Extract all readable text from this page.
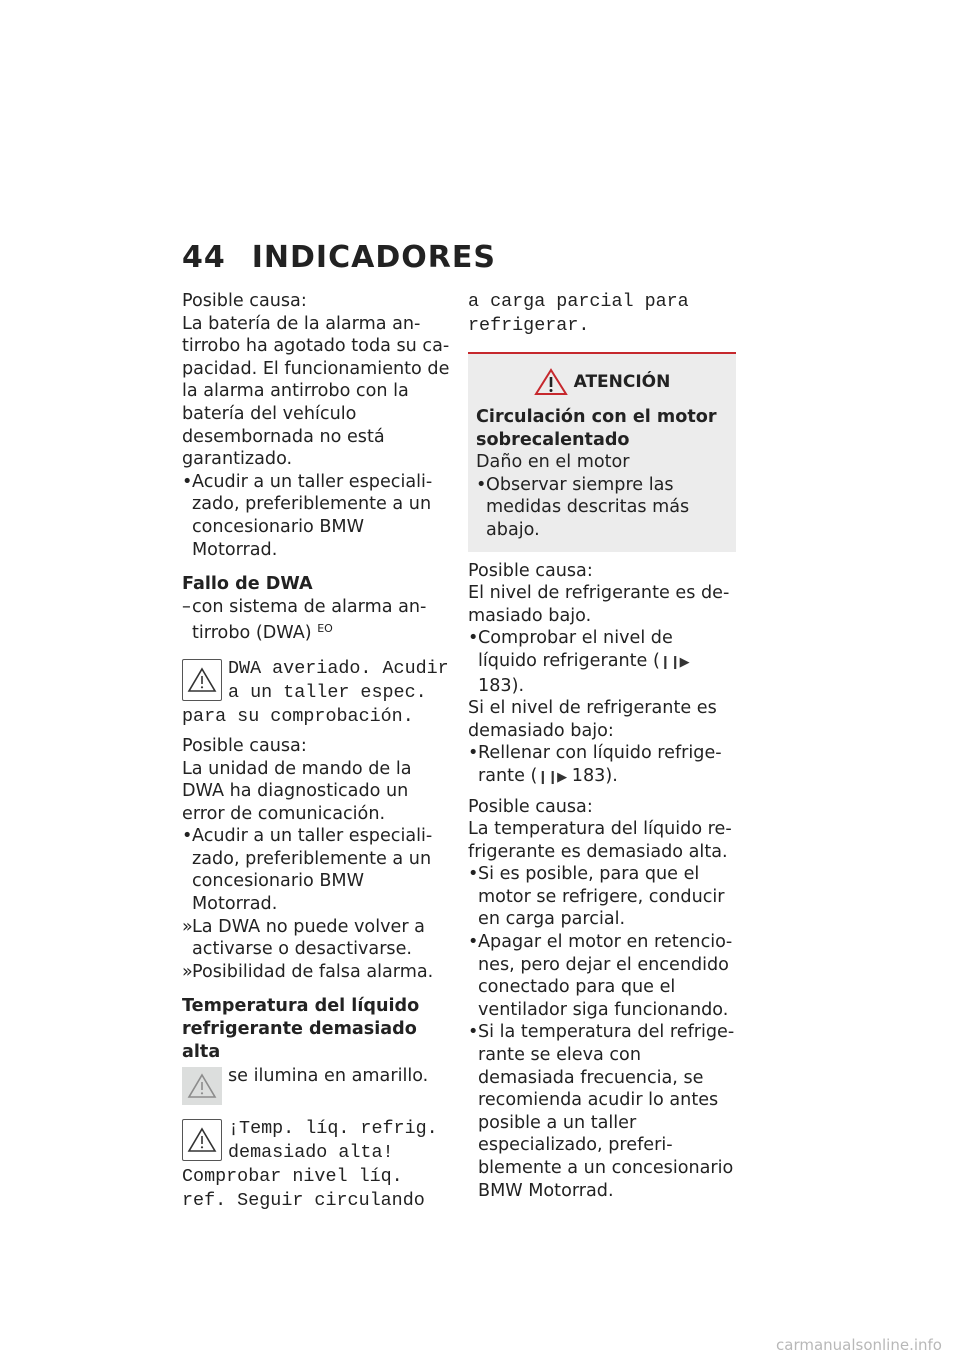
44 INDICADORES

Posible causa:

La batería de la alarma antirrobo ha agotado toda su capacidad. El funcionamiento de la alarma antirrobo con la batería del vehículo desembornada no está garantizado.

•Acudir a un taller especializado, preferiblemente a un concesionario BMW Motorrad.

Fallo de DWA

–con sistema de alarma antirrobo (DWA) $^{EO}$

DWA averiado. Acudir a un taller espec. para su comprobación.

Posible causa:

La unidad de mando de la DWA ha diagnosticado un error de comunicación.

•Acudir a un taller especializado, preferiblemente a un concesionario BMW Motorrad.

»La DWA no puede volver a activarse o desactivarse.

»Posibilidad de falsa alarma.

Temperatura del líquido refrigerante demasiado alta

se ilumina en amarillo.
¡Temp. líq. refrig. demasiado alta! Comprobar nivel líq. ref. Seguir circulando

a carga parcial para refrigerar.

ATENCIÓN

Circulación con el motor sobrecalentado

Daño en el motor

•Observar siempre las medidas descritas más abajo.

Posible causa:

El nivel de refrigerante es demasiado bajo.

•Comprobar el nivel de líquido refrigerante (❙❙▶ 183).

Si el nivel de refrigerante es demasiado bajo:

•Rellenar con líquido refrigerante (❙❙▶ 183).

Posible causa:

La temperatura del líquido refrigerante es demasiado alta.

•Si es posible, para que el motor se refrigere, conducir en carga parcial.

•Apagar el motor en retenciones, pero dejar el encendido conectado para que el ventilador siga funcionando.

•Si la temperatura del refrigerante se eleva con demasiada frecuencia, se recomienda acudir lo antes posible a un taller especializado, preferiblemente a un concesionario BMW Motorrad.

carmanualsonline.info
